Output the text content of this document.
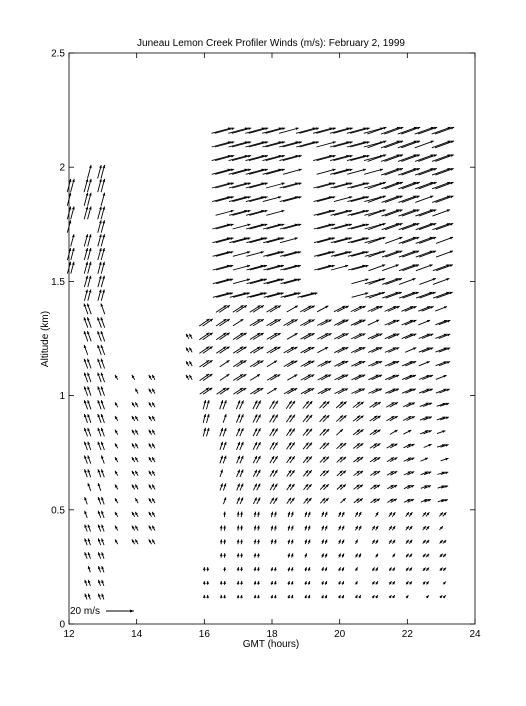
Juneau Lemon Creek Profiler Winds (m/s): February 2, 1999
12	14	16	18	20	22	24
0
0.5
1
1.5
2
2.5
GMT (hours)
Altitude (km)
20 m/s
